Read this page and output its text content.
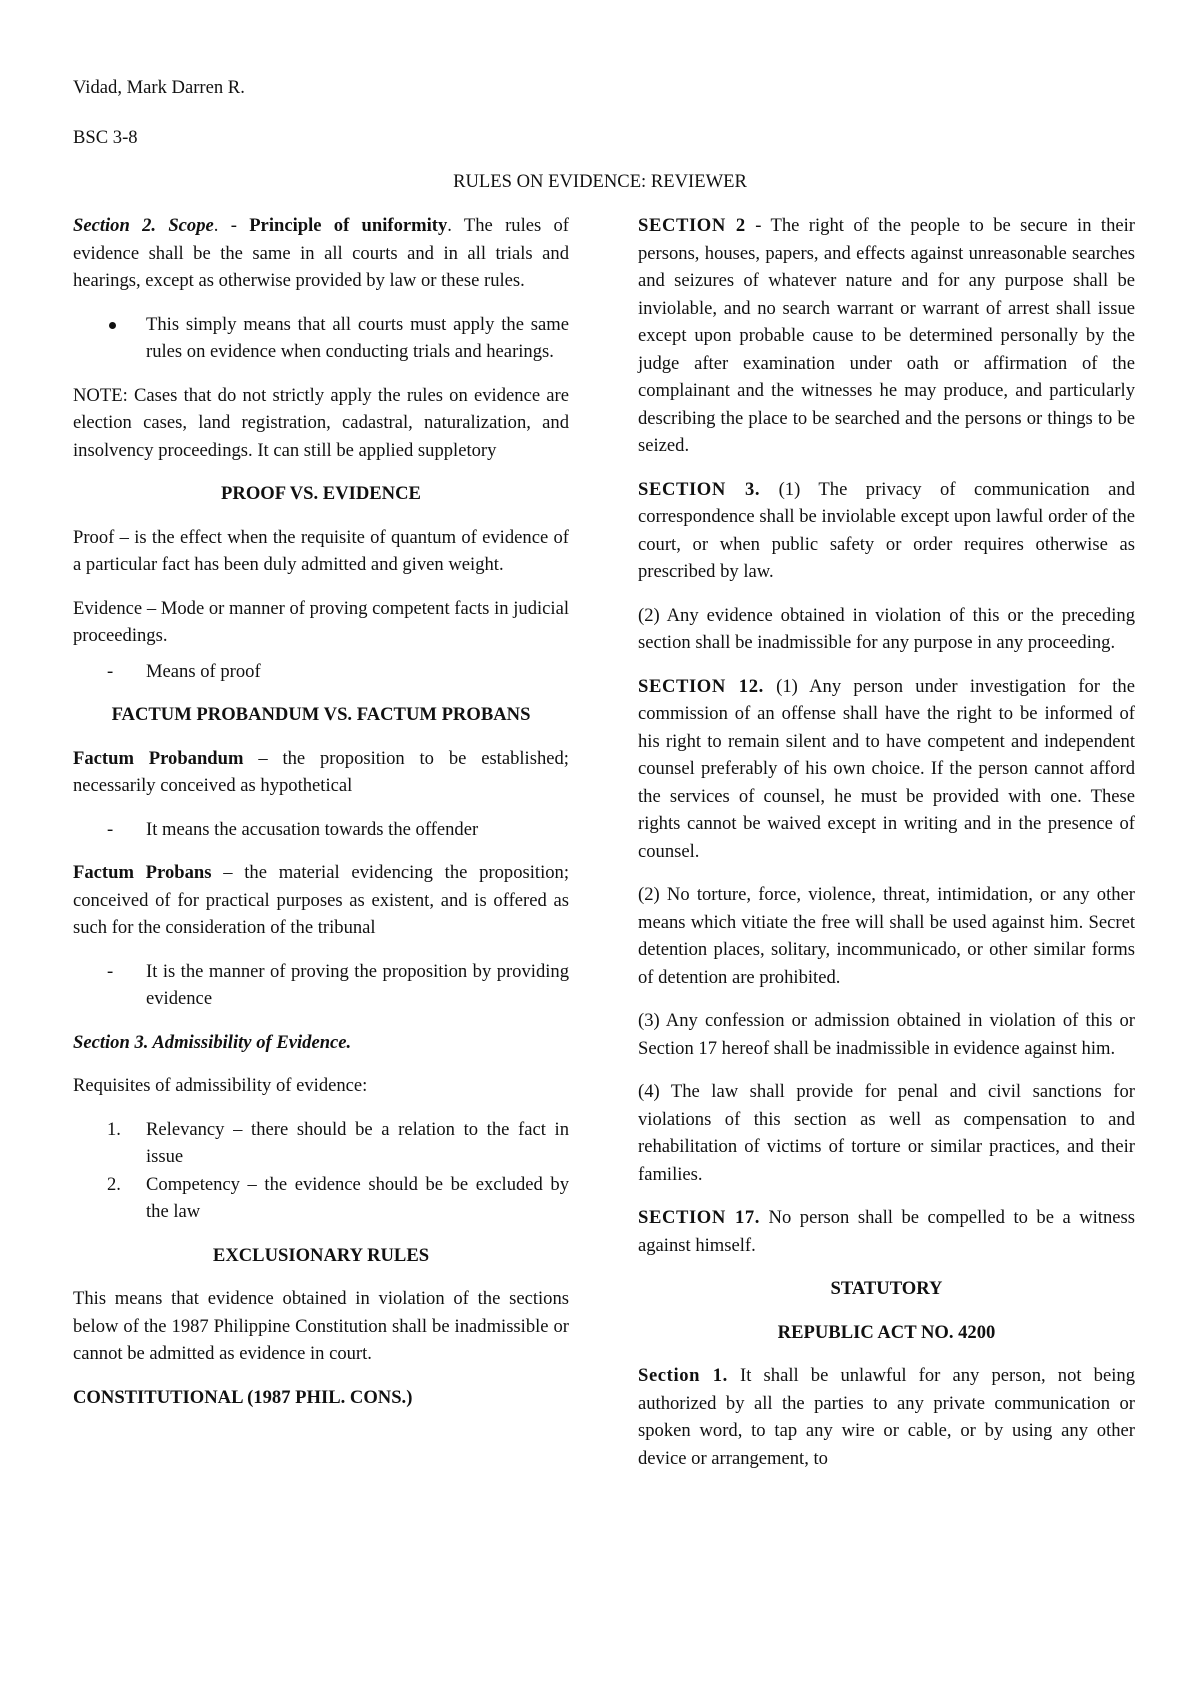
Vidad, Mark Darren R.
BSC 3-8
RULES ON EVIDENCE: REVIEWER

Section 2. Scope. - Principle of uniformity. The rules of evidence shall be the same in all courts and in all trials and hearings, except as otherwise provided by law or these rules.

This simply means that all courts must apply the same rules on evidence when conducting trials and hearings.

NOTE: Cases that do not strictly apply the rules on evidence are election cases, land registration, cadastral, naturalization, and insolvency proceedings. It can still be applied suppletory

PROOF VS. EVIDENCE

Proof – is the effect when the requisite of quantum of evidence of a particular fact has been duly admitted and given weight.

Evidence – Mode or manner of proving competent facts in judicial proceedings.

- Means of proof
FACTUM PROBANDUM VS. FACTUM PROBANS

Factum Probandum – the proposition to be established; necessarily conceived as hypothetical

- It means the accusation towards the offender

Factum Probans – the material evidencing the proposition; conceived of for practical purposes as existent, and is offered as such for the consideration of the tribunal

- It is the manner of proving the proposition by providing evidence
Section 3. Admissibility of Evidence.

Requisites of admissibility of evidence:

1. Relevancy – there should be a relation to the fact in issue
2. Competency – the evidence should be be excluded by the law
EXCLUSIONARY RULES

This means that evidence obtained in violation of the sections below of the 1987 Philippine Constitution shall be inadmissible or cannot be admitted as evidence in court.

CONSTITUTIONAL (1987 PHIL. CONS.)

SECTION 2 - The right of the people to be secure in their persons, houses, papers, and effects against unreasonable searches and seizures of whatever nature and for any purpose shall be inviolable, and no search warrant or warrant of arrest shall issue except upon probable cause to be determined personally by the judge after examination under oath or affirmation of the complainant and the witnesses he may produce, and particularly describing the place to be searched and the persons or things to be seized.

SECTION 3. (1) The privacy of communication and correspondence shall be inviolable except upon lawful order of the court, or when public safety or order requires otherwise as prescribed by law.

(2) Any evidence obtained in violation of this or the preceding section shall be inadmissible for any purpose in any proceeding.

SECTION 12. (1) Any person under investigation for the commission of an offense shall have the right to be informed of his right to remain silent and to have competent and independent counsel preferably of his own choice. If the person cannot afford the services of counsel, he must be provided with one. These rights cannot be waived except in writing and in the presence of counsel.

(2) No torture, force, violence, threat, intimidation, or any other means which vitiate the free will shall be used against him. Secret detention places, solitary, incommunicado, or other similar forms of detention are prohibited.

(3) Any confession or admission obtained in violation of this or Section 17 hereof shall be inadmissible in evidence against him.

(4) The law shall provide for penal and civil sanctions for violations of this section as well as compensation to and rehabilitation of victims of torture or similar practices, and their families.

SECTION 17. No person shall be compelled to be a witness against himself.

STATUTORY
REPUBLIC ACT NO. 4200

Section 1. It shall be unlawful for any person, not being authorized by all the parties to any private communication or spoken word, to tap any wire or cable, or by using any other device or arrangement, to
